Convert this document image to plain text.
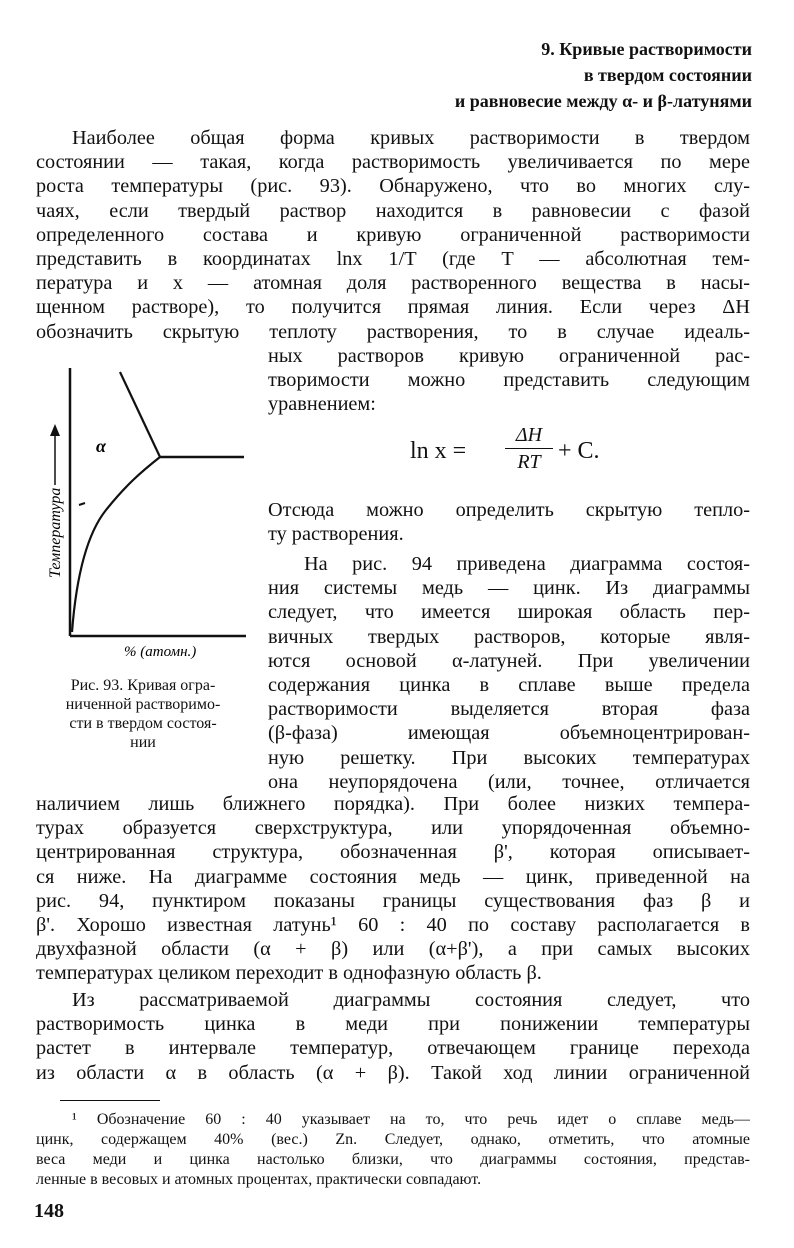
9. Кривые растворимости
в твердом состоянии
и равновесие между α- и β-латунями
Наиболее общая форма кривых растворимости в твердом
состоянии — такая, когда растворимость увеличивается по мере
роста температуры (рис. 93). Обнаружено, что во многих слу-
чаях, если твердый раствор находится в равновесии с фазой
определенного состава и кривую ограниченной растворимости
представить в координатах lnx 1/T (где T — абсолютная тем-
пература и x — атомная доля растворенного вещества в насы-
щенном растворе), то получится прямая линия. Если через ΔH
обозначить скрытую теплоту растворения, то в случае идеаль-
ных растворов кривую ограниченной рас-
творимости можно представить следующим
уравнением:
$\ln x = \frac{\Delta H}{RT} + C$.
Отсюда можно определить скрытую тепло-
ту растворения.
На рис. 94 приведена диаграмма состоя-
ния системы медь — цинк. Из диаграммы
следует, что имеется широкая область пер-
вичных твердых растворов, которые явля-
ются основой α-латуней. При увеличении
содержания цинка в сплаве выше предела
растворимости выделяется вторая фаза
(β-фаза) имеющая объемноцентрирован-
ную решетку. При высоких температурах
она неупорядочена (или, точнее, отличается
α
Температура
% (атомн.)
Рис. 93. Кривая огра-
ниченной растворимо-
сти в твердом состоя-
нии
наличием лишь ближнего порядка). При более низких темпера-
турах образуется сверхструктура, или упорядоченная объемно-
центрированная структура, обозначенная β', которая описывает-
ся ниже. На диаграмме состояния медь — цинк, приведенной на
рис. 94, пунктиром показаны границы существования фаз β и
β'. Хорошо известная латунь¹ 60 : 40 по составу располагается в
двухфазной области (α + β) или (α+β'), а при самых высоких
температурах целиком переходит в однофазную область β.
Из рассматриваемой диаграммы состояния следует, что
растворимость цинка в меди при понижении температуры
растет в интервале температур, отвечающем границе перехода
из области α в область (α + β). Такой ход линии ограниченной
¹ Обозначение 60 : 40 указывает на то, что речь идет о сплаве медь—
цинк, содержащем 40% (вес.) Zn. Следует, однако, отметить, что атомные
веса меди и цинка настолько близки, что диаграммы состояния, представ-
ленные в весовых и атомных процентах, практически совпадают.
148
